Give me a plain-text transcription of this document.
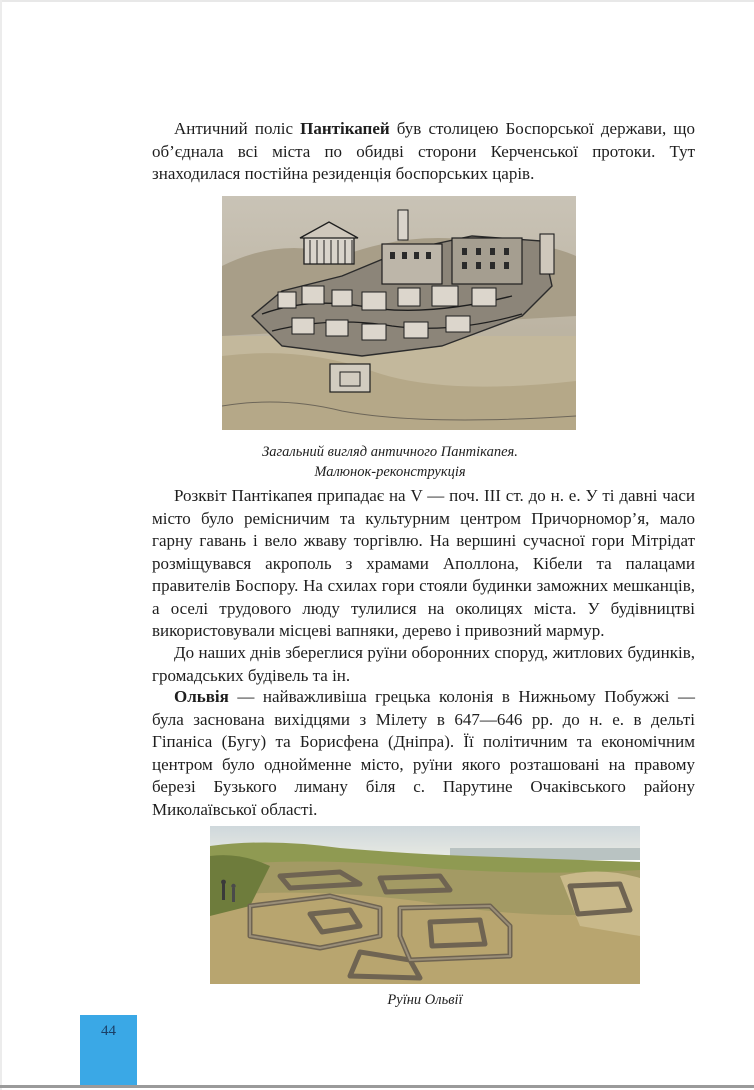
Античний поліс Пантікапей був столицею Боспорської держави, що об’єднала всі міста по обидві сторони Керченської протоки. Тут знаходилася постійна резиденція боспорських царів.

Загальний вигляд античного Пантікапея.
Малюнок-реконструкція

Розквіт Пантікапея припадає на V — поч. III ст. до н. е. У ті давні часи місто було ремісничим та культурним центром Причорномор’я, мало гарну гавань і вело жваву торгівлю. На вершині сучасної гори Мітрідат розміщувався акрополь з храмами Аполлона, Кібели та палацами правителів Боспору. На схилах гори стояли будинки заможних мешканців, а оселі трудового люду тулилися на околицях міста. У будівництві використовували місцеві вапняки, дерево і привозний мармур.

До наших днів збереглися руїни оборонних споруд, житлових будинків, громадських будівель та ін.

Ольвія — найважливіша грецька колонія в Нижньому Побужжі — була заснована вихідцями з Мілету в 647—646 рр. до н. е. в дельті Гіпаніса (Бугу) та Борисфена (Дніпра). Її політичним та економічним центром було однойменне місто, руїни якого розташовані на правому березі Бузького лиману біля с. Парутине Очаківського району Миколаївської області.

Руїни Ольвії

44
